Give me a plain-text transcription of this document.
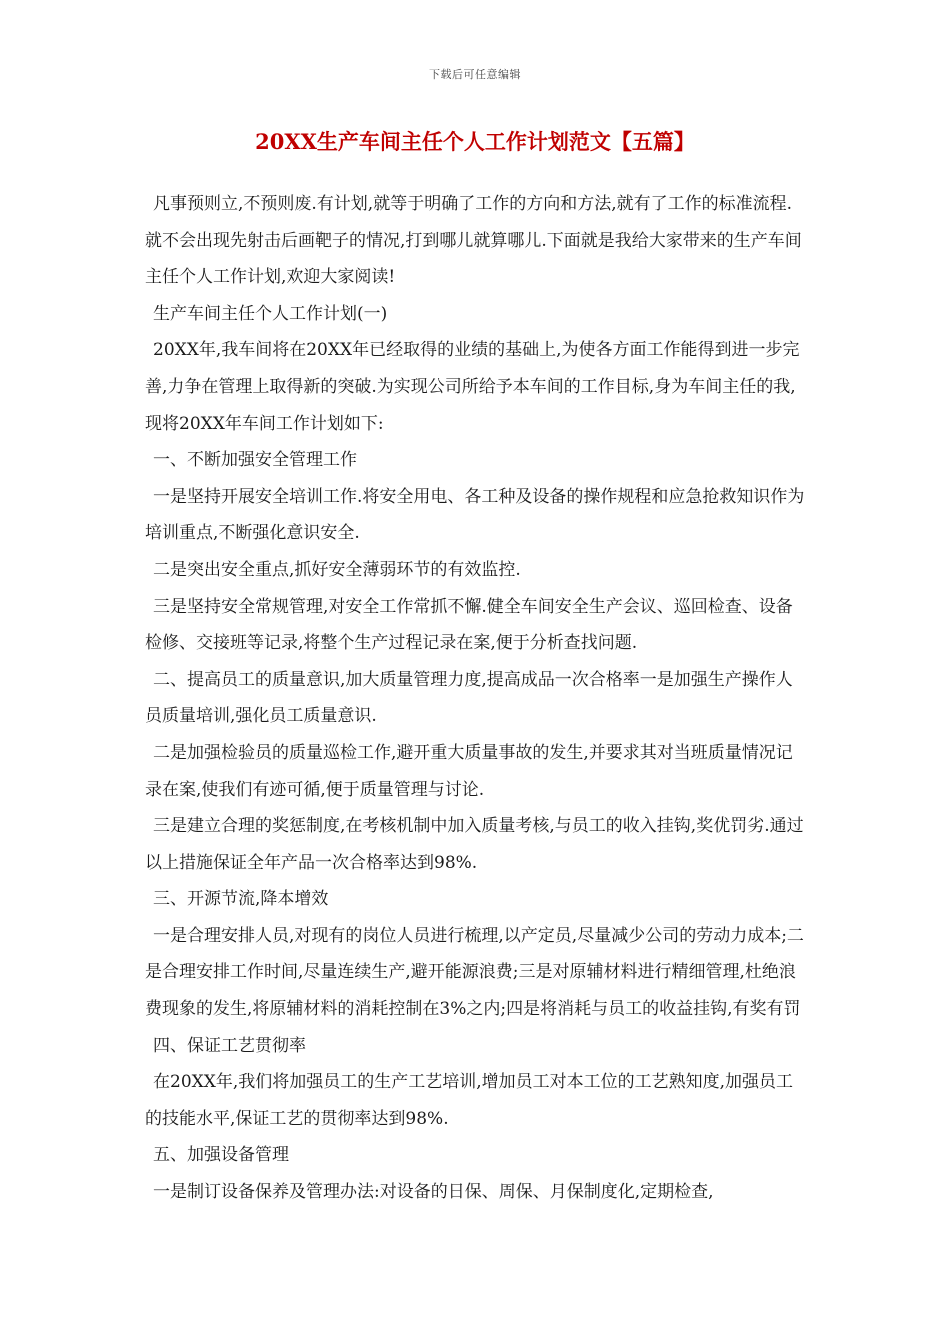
下载后可任意编辑
20XX生产车间主任个人工作计划范文【五篇】

凡事预则立,不预则废.有计划,就等于明确了工作的方向和方法,就有了工作的标准流程.就不会出现先射击后画靶子的情况,打到哪儿就算哪儿.下面就是我给大家带来的生产车间主任个人工作计划,欢迎大家阅读!

生产车间主任个人工作计划(一)

20XX年,我车间将在20XX年已经取得的业绩的基础上,为使各方面工作能得到进一步完善,力争在管理上取得新的突破.为实现公司所给予本车间的工作目标,身为车间主任的我,现将20XX年车间工作计划如下:

一、不断加强安全管理工作

一是坚持开展安全培训工作.将安全用电、各工种及设备的操作规程和应急抢救知识作为培训重点,不断强化意识安全.

二是突出安全重点,抓好安全薄弱环节的有效监控.

三是坚持安全常规管理,对安全工作常抓不懈.健全车间安全生产会议、巡回检查、设备检修、交接班等记录,将整个生产过程记录在案,便于分析查找问题.

二、提高员工的质量意识,加大质量管理力度,提高成品一次合格率一是加强生产操作人员质量培训,强化员工质量意识.

二是加强检验员的质量巡检工作,避开重大质量事故的发生,并要求其对当班质量情况记录在案,使我们有迹可循,便于质量管理与讨论.

三是建立合理的奖惩制度,在考核机制中加入质量考核,与员工的收入挂钩,奖优罚劣.通过以上措施保证全年产品一次合格率达到98%.

三、开源节流,降本增效

一是合理安排人员,对现有的岗位人员进行梳理,以产定员,尽量减少公司的劳动力成本;二是合理安排工作时间,尽量连续生产,避开能源浪费;三是对原辅材料进行精细管理,杜绝浪费现象的发生,将原辅材料的消耗控制在3%之内;四是将消耗与员工的收益挂钩,有奖有罚

四、保证工艺贯彻率

在20XX年,我们将加强员工的生产工艺培训,增加员工对本工位的工艺熟知度,加强员工的技能水平,保证工艺的贯彻率达到98%.

五、加强设备管理

一是制订设备保养及管理办法:对设备的日保、周保、月保制度化,定期检查,
